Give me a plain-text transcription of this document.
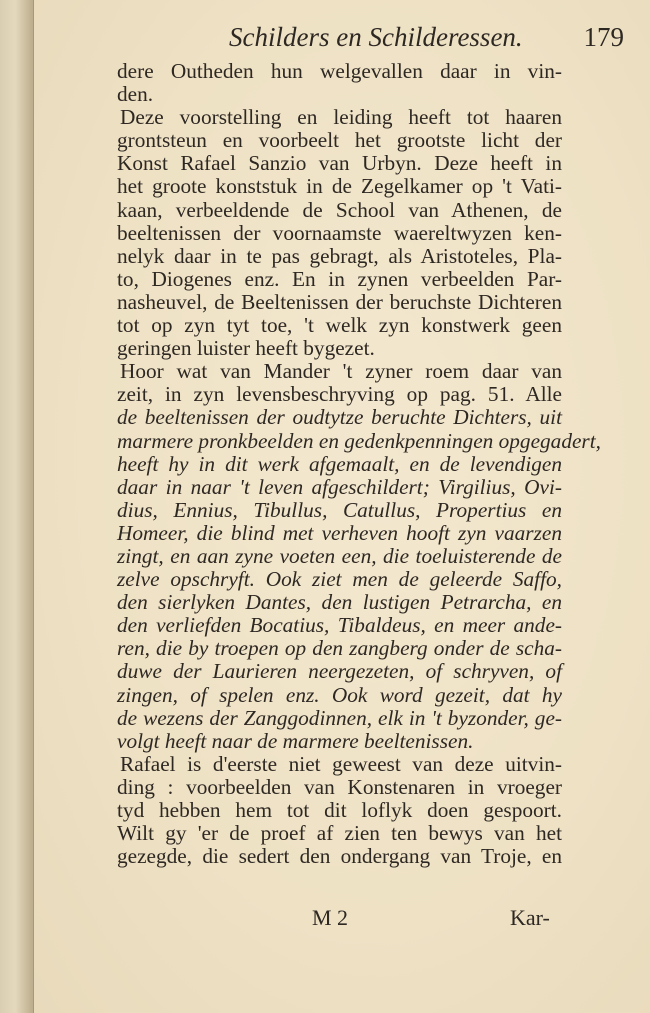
Schilders en Schilderessen. 179
dere Outheden hun welgevallen daar in vin-
den.
Deze voorstelling en leiding heeft tot haaren
grontsteun en voorbeelt het grootste licht der
Konst Rafael Sanzio van Urbyn. Deze heeft in
het groote konststuk in de Zegelkamer op 't Vati-
kaan, verbeeldende de School van Athenen, de
beeltenissen der voornaamste waereltwyzen ken-
nelyk daar in te pas gebragt, als Aristoteles, Pla-
to, Diogenes enz. En in zynen verbeelden Par-
nasheuvel, de Beeltenissen der beruchste Dichteren
tot op zyn tyt toe, 't welk zyn konstwerk geen
geringen luister heeft bygezet.
Hoor wat van Mander 't zyner roem daar van
zeit, in zyn levensbeschryving op pag. 51. Alle
de beeltenissen der oudtytze beruchte Dichters, uit
marmere pronkbeelden en gedenkpenningen opgegadert,
heeft hy in dit werk afgemaalt, en de levendigen
daar in naar 't leven afgeschildert; Virgilius, Ovi-
dius, Ennius, Tibullus, Catullus, Propertius en
Homeer, die blind met verheven hooft zyn vaarzen
zingt, en aan zyne voeten een, die toeluisterende de
zelve opschryft. Ook ziet men de geleerde Saffo,
den sierlyken Dantes, den lustigen Petrarcha, en
den verliefden Bocatius, Tibaldeus, en meer ande-
ren, die by troepen op den zangberg onder de scha-
duwe der Laurieren neergezeten, of schryven, of
zingen, of spelen enz. Ook word gezeit, dat hy
de wezens der Zanggodinnen, elk in 't byzonder, ge-
volgt heeft naar de marmere beeltenissen.
Rafael is d'eerste niet geweest van deze uitvin-
ding : voorbeelden van Konstenaren in vroeger
tyd hebben hem tot dit loflyk doen gespoort.
Wilt gy 'er de proef af zien ten bewys van het
gezegde, die sedert den ondergang van Troje, en
M 2	Kar-
